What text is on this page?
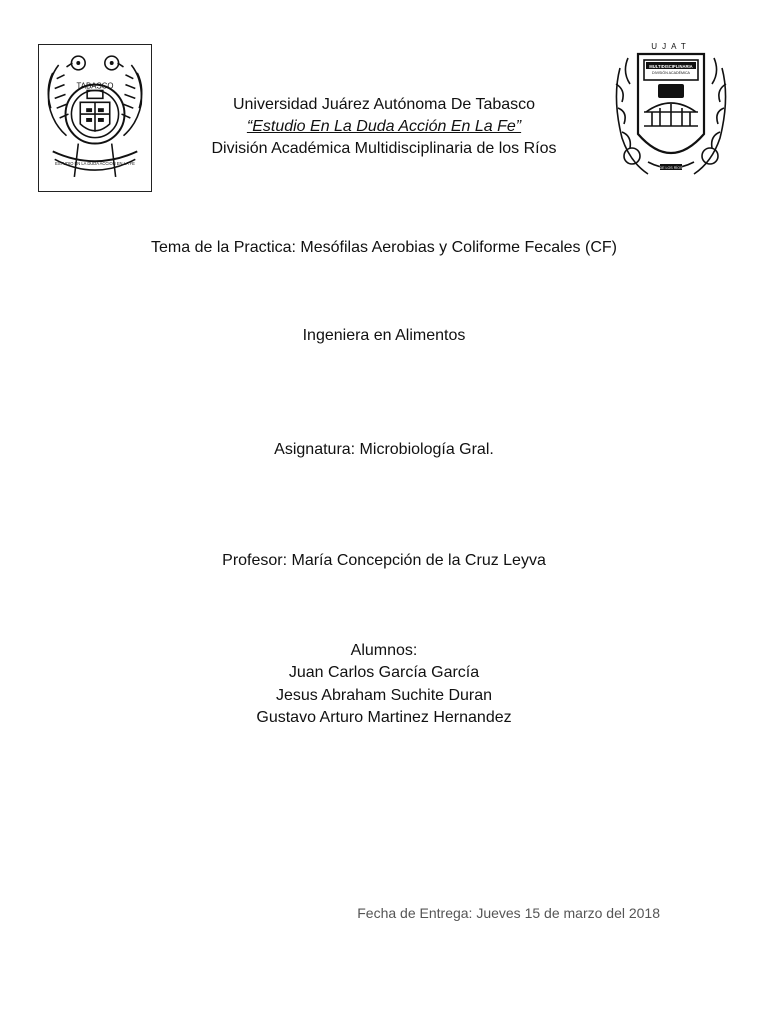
TABASCO
ESTUDIO EN LA DUDA ACCION EN LA FE
UJAT
DIVISIÓN ACADÉMICA
MULTIDISCIPLINARIA
DE LOS RÍOS
Universidad Juárez Autónoma De Tabasco
“Estudio En La Duda Acción En La Fe”
División Académica Multidisciplinaria de los Ríos
Tema de la Practica: Mesófilas Aerobias y Coliforme Fecales (CF)
Ingeniera en Alimentos
Asignatura: Microbiología Gral.
Profesor: María Concepción de la Cruz Leyva
Alumnos:
Juan Carlos García García
Jesus Abraham Suchite Duran
Gustavo Arturo Martinez Hernandez
Fecha de Entrega: Jueves 15 de marzo del 2018
